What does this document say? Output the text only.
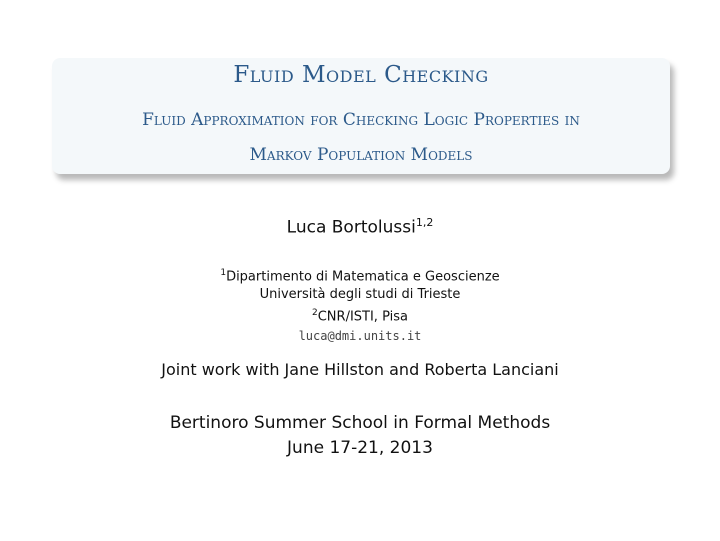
Fluid Model Checking
Fluid Approximation for Checking Logic Properties in
Markov Population Models
Luca Bortolussi$^{1,2}$
$^1$Dipartimento di Matematica e Geoscienze
Università degli studi di Trieste
$^2$CNR/ISTI, Pisa
luca@dmi.units.it
Joint work with Jane Hillston and Roberta Lanciani
Bertinoro Summer School in Formal Methods
June 17-21, 2013
